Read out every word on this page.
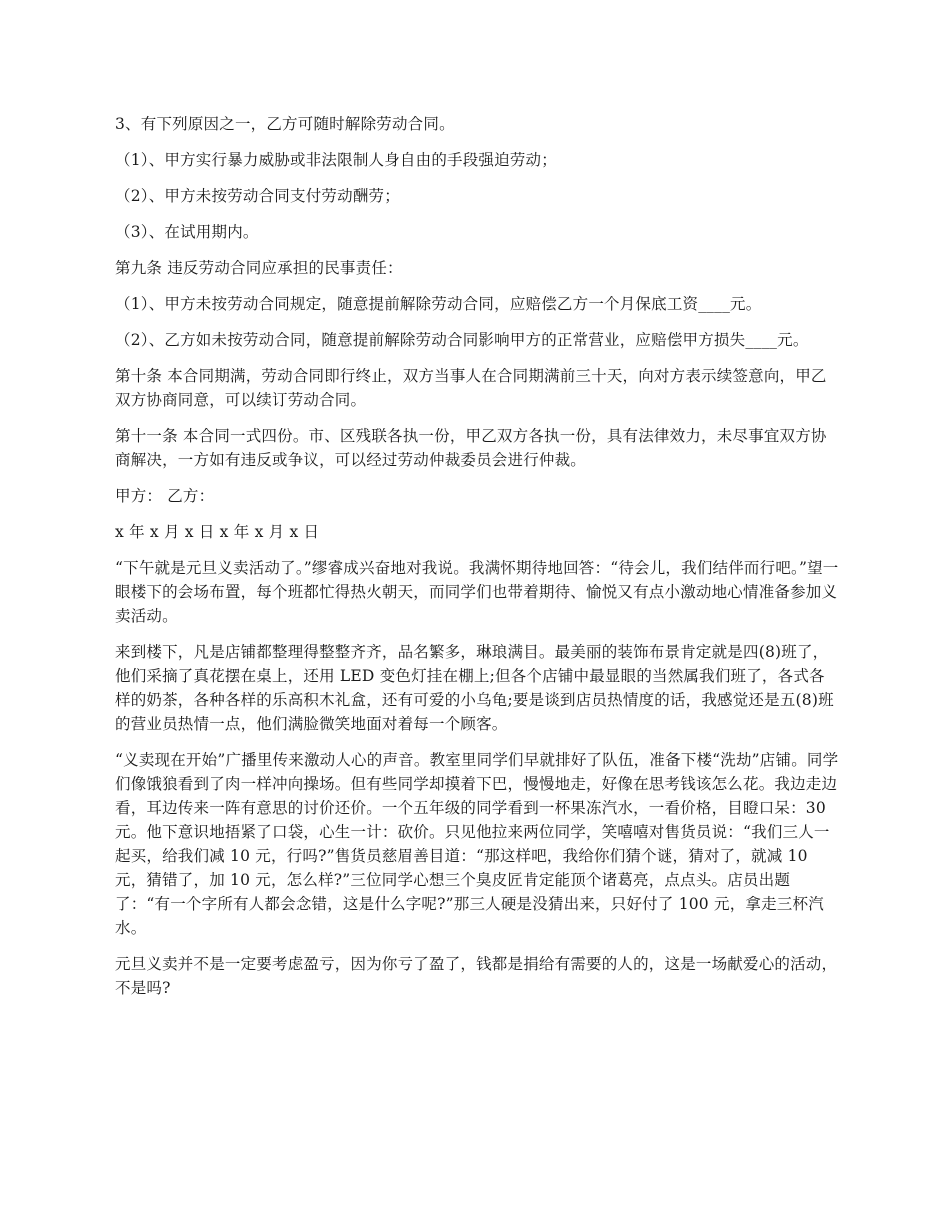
3、有下列原因之一，乙方可随时解除劳动合同。

（1）、甲方实行暴力威胁或非法限制人身自由的手段强迫劳动；

（2）、甲方未按劳动合同支付劳动酬劳；

（3）、在试用期内。

第九条 违反劳动合同应承担的民事责任：

（1）、甲方未按劳动合同规定，随意提前解除劳动合同，应赔偿乙方一个月保底工资____元。

（2）、乙方如未按劳动合同，随意提前解除劳动合同影响甲方的正常营业，应赔偿甲方损失____元。

第十条 本合同期满，劳动合同即行终止，双方当事人在合同期满前三十天，向对方表示续签意向，甲乙双方协商同意，可以续订劳动合同。

第十一条 本合同一式四份。市、区残联各执一份，甲乙双方各执一份，具有法律效力，未尽事宜双方协商解决，一方如有违反或争议，可以经过劳动仲裁委员会进行仲裁。

甲方： 乙方：

x 年 x 月 x 日 x 年 x 月 x 日

“下午就是元旦义卖活动了。”缪睿成兴奋地对我说。我满怀期待地回答：“待会儿，我们结伴而行吧。”望一眼楼下的会场布置，每个班都忙得热火朝天，而同学们也带着期待、愉悦又有点小激动地心情准备参加义卖活动。

来到楼下，凡是店铺都整理得整整齐齐，品名繁多，琳琅满目。最美丽的装饰布景肯定就是四(8)班了，他们采摘了真花摆在桌上，还用 LED 变色灯挂在棚上;但各个店铺中最显眼的当然属我们班了，各式各样的奶茶，各种各样的乐高积木礼盒，还有可爱的小乌龟;要是谈到店员热情度的话，我感觉还是五(8)班的营业员热情一点，他们满脸微笑地面对着每一个顾客。

“义卖现在开始”广播里传来激动人心的声音。教室里同学们早就排好了队伍，准备下楼“洗劫”店铺。同学们像饿狼看到了肉一样冲向操场。但有些同学却摸着下巴，慢慢地走，好像在思考钱该怎么花。我边走边看，耳边传来一阵有意思的讨价还价。一个五年级的同学看到一杯果冻汽水，一看价格，目瞪口呆：30 元。他下意识地捂紧了口袋，心生一计：砍价。只见他拉来两位同学，笑嘻嘻对售货员说：“我们三人一起买，给我们减 10 元，行吗?”售货员慈眉善目道：“那这样吧，我给你们猜个谜，猜对了，就减 10 元，猜错了，加 10 元，怎么样?”三位同学心想三个臭皮匠肯定能顶个诸葛亮，点点头。店员出题了：“有一个字所有人都会念错，这是什么字呢?”那三人硬是没猜出来，只好付了 100 元，拿走三杯汽水。

元旦义卖并不是一定要考虑盈亏，因为你亏了盈了，钱都是捐给有需要的人的，这是一场献爱心的活动，不是吗?
